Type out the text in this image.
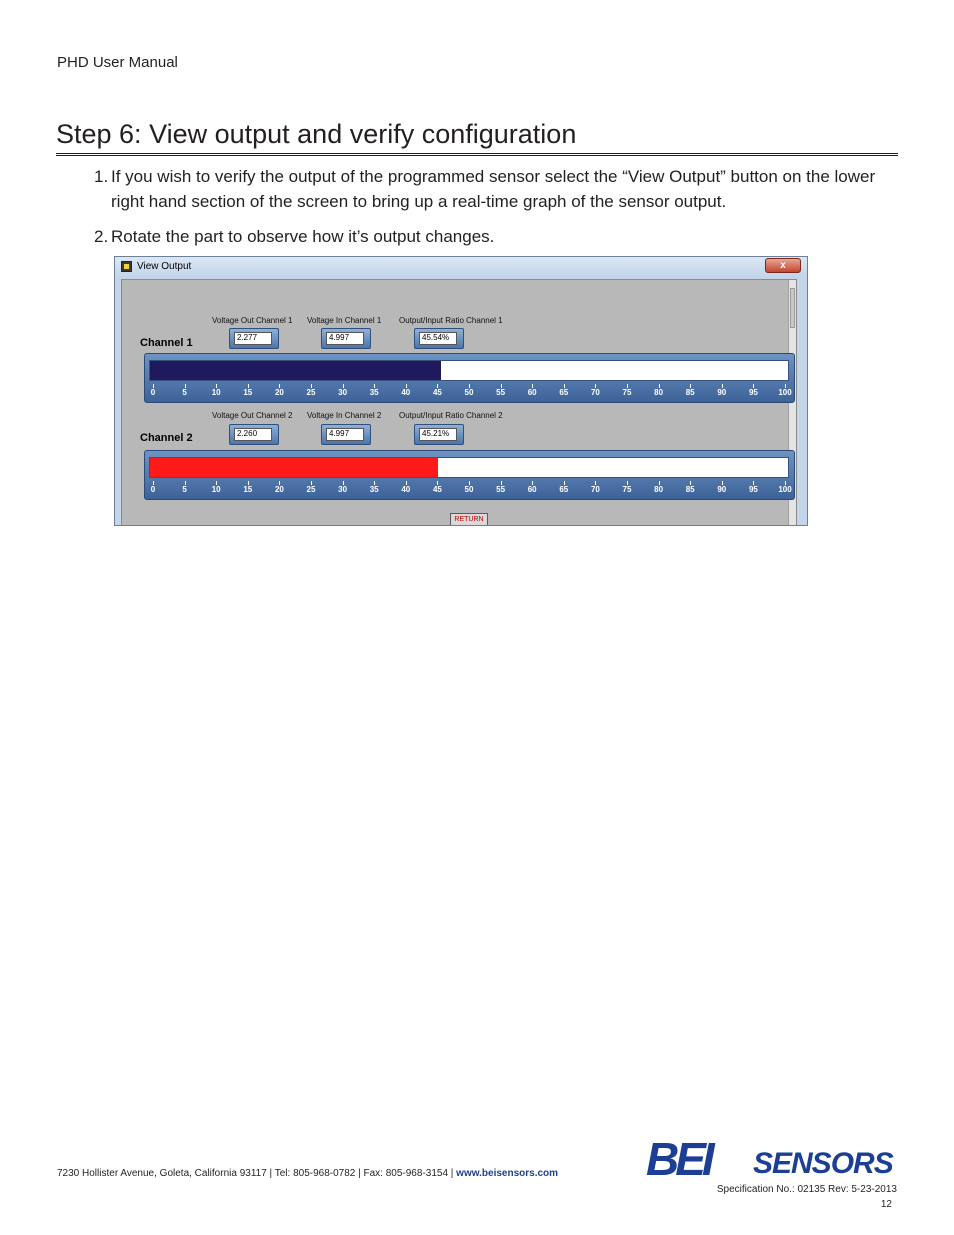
PHD User Manual
Step 6: View output and verify configuration
1. If you wish to verify the output of the programmed sensor select the “View Output” button on the lower right hand section of the screen to bring up a real-time graph of the sensor output.
2. Rotate the part to observe how it’s output changes.
View Output	x
Voltage Out Channel 1 Voltage In Channel 1 Output/Input Ratio Channel 1
Channel 1	2.277	4.997	45.54%
0	5	10	15	20	25	30	35	40	45	50	55	60	65	70	75	80	85	90	95	100
Voltage Out Channel 2 Voltage In Channel 2 Output/Input Ratio Channel 2
Channel 2	2.260	4.997	45.21%
0	5	10	15	20	25	30	35	40	45	50	55	60	65	70	75	80	85	90	95	100
RETURN
7230 Hollister Avenue, Goleta, California 93117 | Tel: 805-968-0782 | Fax: 805-968-3154 | www.beisensors.com BEI SENSORS
Specification No.: 02135 Rev: 5-23-2013
12
